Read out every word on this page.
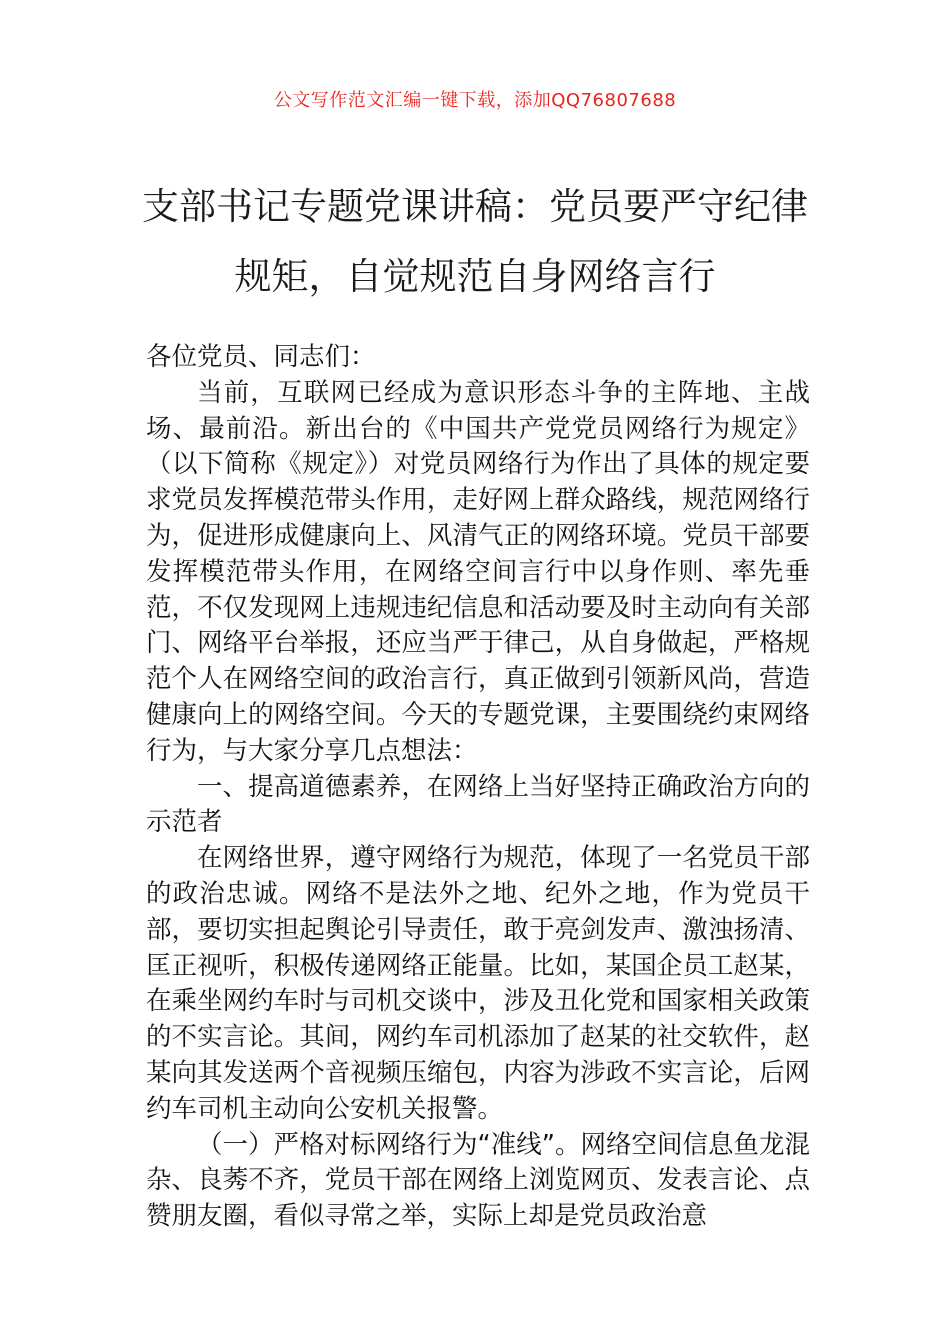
公文写作范文汇编一键下载，添加QQ76807688
支部书记专题党课讲稿：党员要严守纪律
规矩，自觉规范自身网络言行

各位党员、同志们：

当前，互联网已经成为意识形态斗争的主阵地、主战场、最前沿。新出台的《中国共产党党员网络行为规定》（以下简称《规定》）对党员网络行为作出了具体的规定要求党员发挥模范带头作用，走好网上群众路线，规范网络行为，促进形成健康向上、风清气正的网络环境。党员干部要发挥模范带头作用，在网络空间言行中以身作则、率先垂范，不仅发现网上违规违纪信息和活动要及时主动向有关部门、网络平台举报，还应当严于律己，从自身做起，严格规范个人在网络空间的政治言行，真正做到引领新风尚，营造健康向上的网络空间。今天的专题党课，主要围绕约束网络行为，与大家分享几点想法：

一、提高道德素养，在网络上当好坚持正确政治方向的示范者

在网络世界，遵守网络行为规范，体现了一名党员干部的政治忠诚。网络不是法外之地、纪外之地，作为党员干部，要切实担起舆论引导责任，敢于亮剑发声、激浊扬清、匡正视听，积极传递网络正能量。比如，某国企员工赵某，在乘坐网约车时与司机交谈中，涉及丑化党和国家相关政策的不实言论。其间，网约车司机添加了赵某的社交软件，赵某向其发送两个音视频压缩包，内容为涉政不实言论，后网约车司机主动向公安机关报警。

（一）严格对标网络行为“准线”。网络空间信息鱼龙混杂、良莠不齐，党员干部在网络上浏览网页、发表言论、点赞朋友圈，看似寻常之举，实际上却是党员政治意
